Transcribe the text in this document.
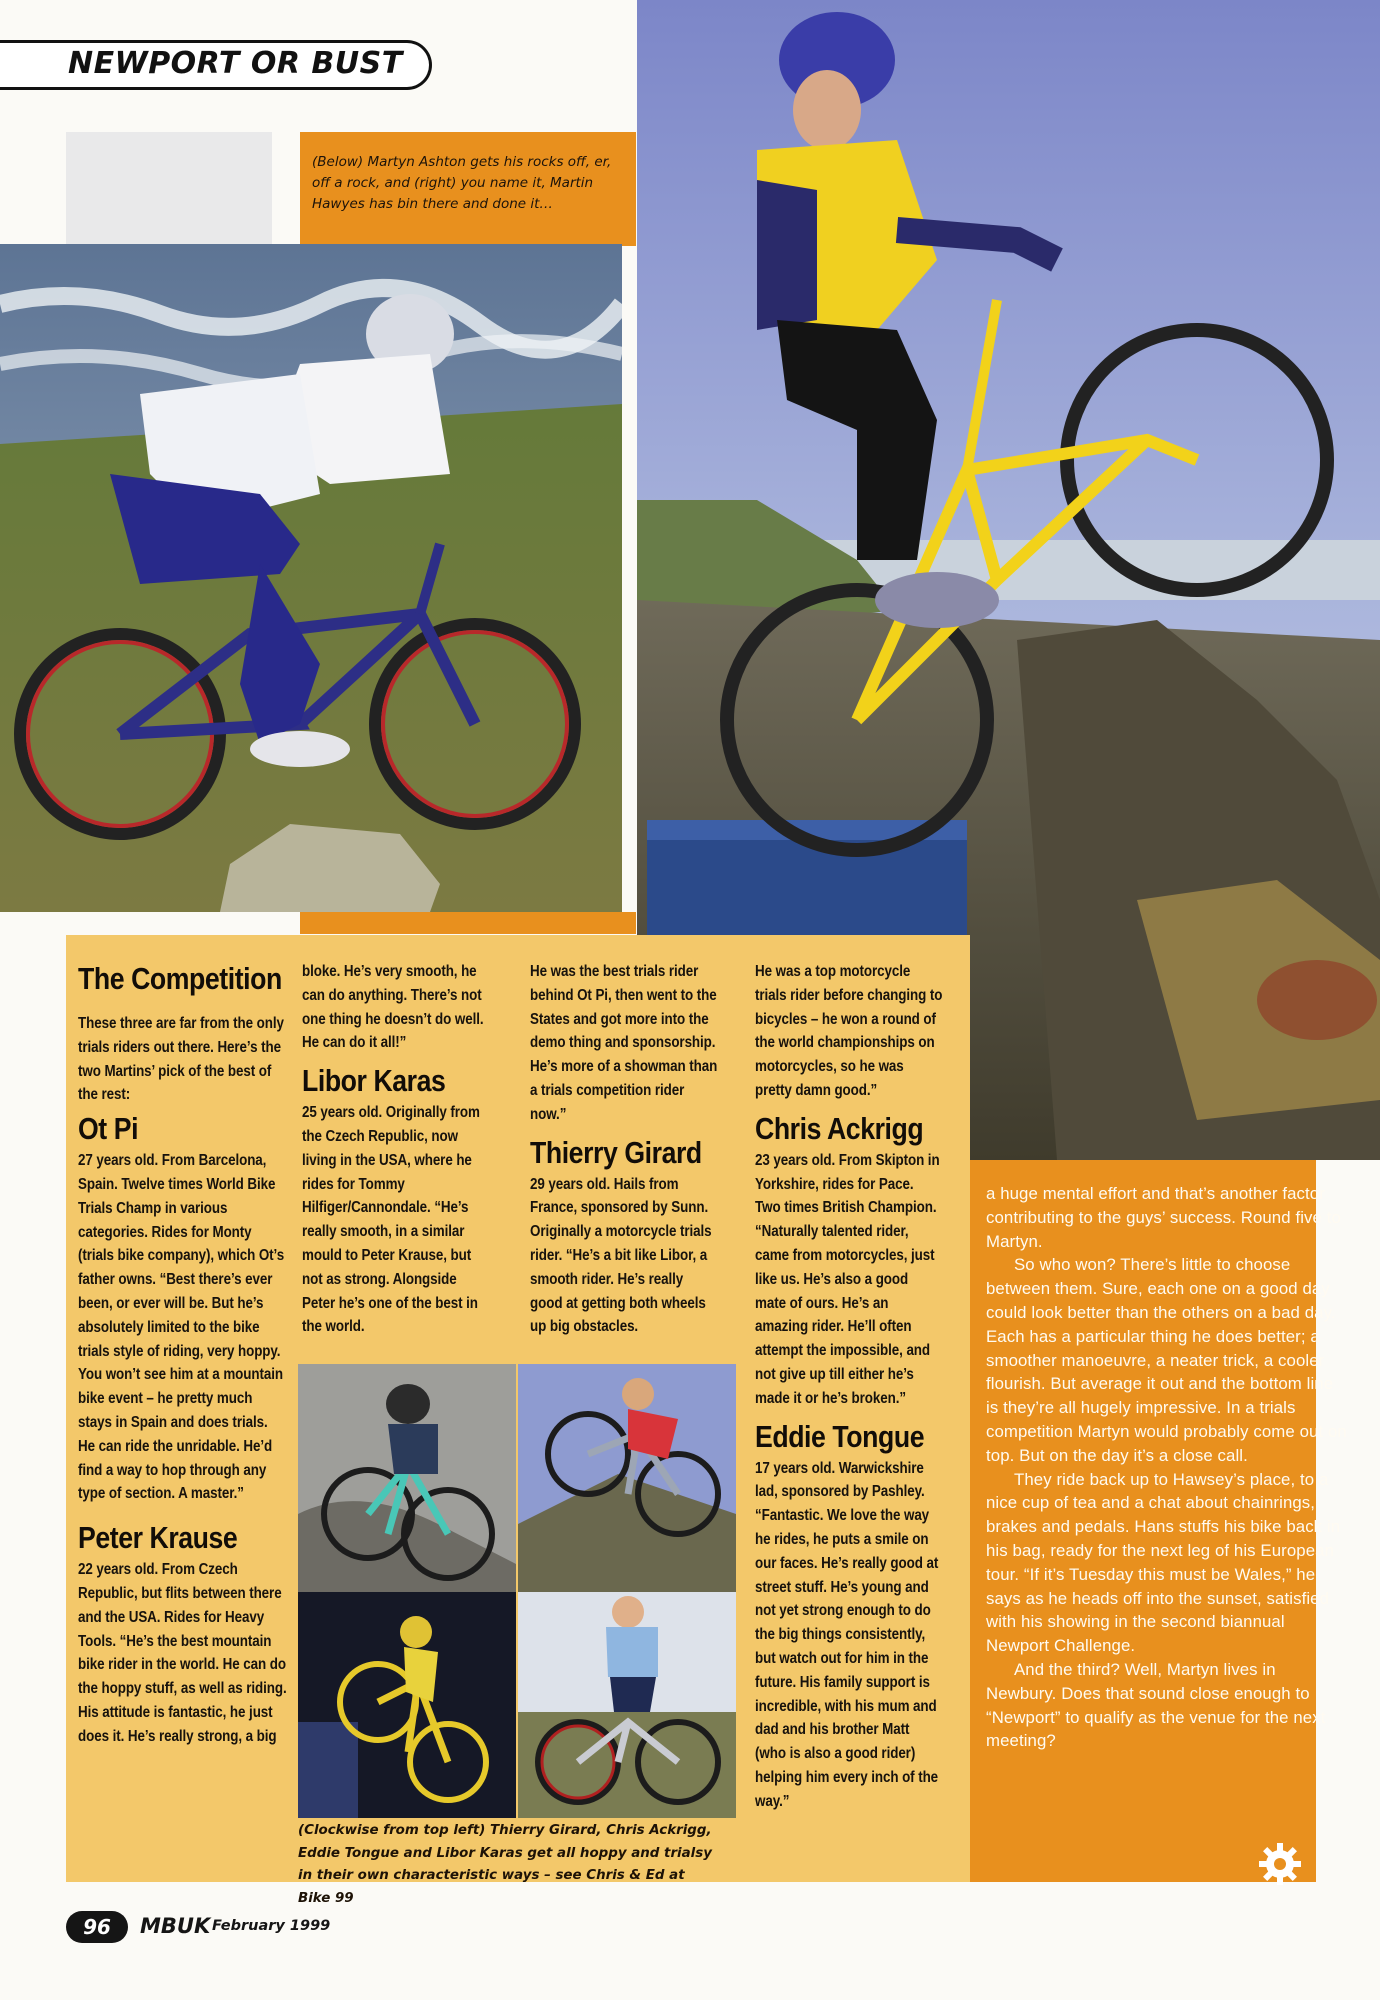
NEWPORT OR BUST
(Below) Martyn Ashton gets his rocks off, er, off a rock, and (right) you name it, Martin Hawyes has bin there and done it…
The Competition

These three are far from the only trials riders out there. Here’s the two Martins’ pick of the best of the rest:

Ot Pi

27 years old. From Barcelona, Spain. Twelve times World Bike Trials Champ in various categories. Rides for Monty (trials bike company), which Ot’s father owns. “Best there’s ever been, or ever will be. But he’s absolutely limited to the bike trials style of riding, very hoppy. You won’t see him at a mountain bike event – he pretty much stays in Spain and does trials. He can ride the unridable. He’d find a way to hop through any type of section. A master.”

Peter Krause

22 years old. From Czech Republic, but flits between there and the USA. Rides for Heavy Tools. “He’s the best mountain bike rider in the world. He can do the hoppy stuff, as well as riding. His attitude is fantastic, he just does it. He’s really strong, a big

bloke. He’s very smooth, he can do anything. There’s not one thing he doesn’t do well. He can do it all!”

Libor Karas

25 years old. Originally from the Czech Republic, now living in the USA, where he rides for Tommy Hilfiger/Cannondale. “He’s really smooth, in a similar mould to Peter Krause, but not as strong. Alongside Peter he’s one of the best in the world.

He was the best trials rider behind Ot Pi, then went to the States and got more into the demo thing and sponsorship. He’s more of a showman than a trials competition rider now.”

Thierry Girard

29 years old. Hails from France, sponsored by Sunn. Originally a motorcycle trials rider. “He’s a bit like Libor, a smooth rider. He’s really good at getting both wheels up big obstacles.

He was a top motorcycle trials rider before changing to bicycles – he won a round of the world championships on motorcycles, so he was pretty damn good.”

Chris Ackrigg

23 years old. From Skipton in Yorkshire, rides for Pace. Two times British Champion. “Naturally talented rider, came from motorcycles, just like us. He’s also a good mate of ours. He’s an amazing rider. He’ll often attempt the impossible, and not give up till either he’s made it or he’s broken.”

Eddie Tongue

17 years old. Warwickshire lad, sponsored by Pashley. “Fantastic. We love the way he rides, he puts a smile on our faces. He’s really good at street stuff. He’s young and not yet strong enough to do the big things consistently, but watch out for him in the future. His family support is incredible, with his mum and dad and his brother Matt (who is also a good rider) helping him every inch of the way.”

(Clockwise from top left) Thierry Girard, Chris Ackrigg, Eddie Tongue and Libor Karas get all hoppy and trialsy in their own characteristic ways – see Chris & Ed at Bike 99

a huge mental effort and that’s another factor contributing to the guys’ success. Round five to Martyn.

So who won? There’s little to choose between them. Sure, each one on a good day could look better than the others on a bad day. Each has a particular thing he does better; a smoother manoeuvre, a neater trick, a cooler flourish. But average it out and the bottom line is they’re all hugely impressive. In a trials competition Martyn would probably come out on top. But on the day it’s a close call.

They ride back up to Hawsey’s place, to a nice cup of tea and a chat about chainrings, brakes and pedals. Hans stuffs his bike back in his bag, ready for the next leg of his European tour. “If it’s Tuesday this must be Wales,” he says as he heads off into the sunset, satisfied with his showing in the second biannual Newport Challenge.

And the third? Well, Martyn lives in Newbury. Does that sound close enough to “Newport” to qualify as the venue for the next meeting?

96	MBUK February 1999
